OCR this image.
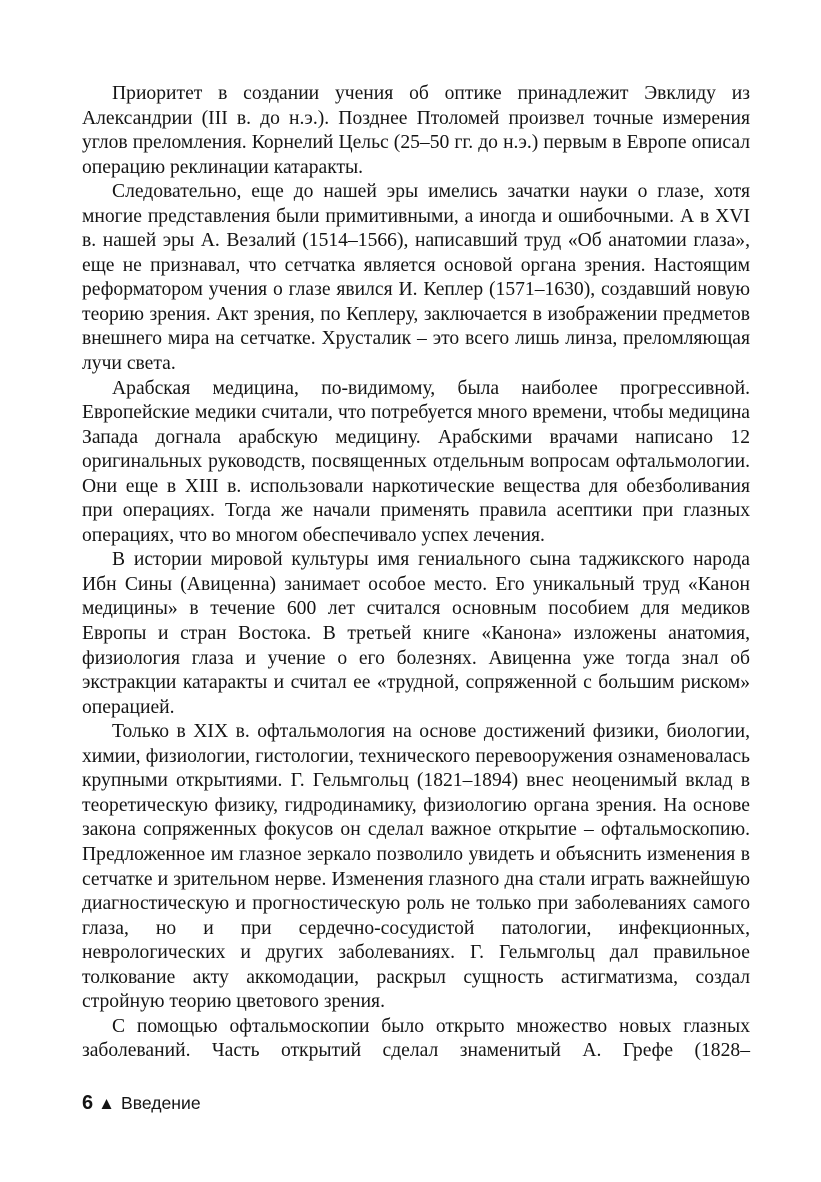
Приоритет в создании учения об оптике принадлежит Эвклиду из Александрии (III в. до н.э.). Позднее Птоломей произвел точные измерения углов преломления. Корнелий Цельс (25–50 гг. до н.э.) первым в Европе описал операцию реклинации катаракты.

Следовательно, еще до нашей эры имелись зачатки науки о глазе, хотя многие представления были примитивными, а иногда и ошибочными. А в XVI в. нашей эры А. Везалий (1514–1566), написавший труд «Об анатомии глаза», еще не признавал, что сетчатка является основой органа зрения. Настоящим реформатором учения о глазе явился И. Кеплер (1571–1630), создавший новую теорию зрения. Акт зрения, по Кеплеру, заключается в изображении предметов внешнего мира на сетчатке. Хрусталик – это всего лишь линза, преломляющая лучи света.

Арабская медицина, по-видимому, была наиболее прогрессивной. Европейские медики считали, что потребуется много времени, чтобы медицина Запада догнала арабскую медицину. Арабскими врачами написано 12 оригинальных руководств, посвященных отдельным вопросам офтальмологии. Они еще в XIII в. использовали наркотические вещества для обезболивания при операциях. Тогда же начали применять правила асептики при глазных операциях, что во многом обеспечивало успех лечения.

В истории мировой культуры имя гениального сына таджикского народа Ибн Сины (Авиценна) занимает особое место. Его уникальный труд «Канон медицины» в течение 600 лет считался основным пособием для медиков Европы и стран Востока. В третьей книге «Канона» изложены анатомия, физиология глаза и учение о его болезнях. Авиценна уже тогда знал об экстракции катаракты и считал ее «трудной, сопряженной с большим риском» операцией.

Только в XIX в. офтальмология на основе достижений физики, биологии, химии, физиологии, гистологии, технического перевооружения ознаменовалась крупными открытиями. Г. Гельмгольц (1821–1894) внес неоценимый вклад в теоретическую физику, гидродинамику, физиологию органа зрения. На основе закона сопряженных фокусов он сделал важное открытие – офтальмоскопию. Предложенное им глазное зеркало позволило увидеть и объяснить изменения в сетчатке и зрительном нерве. Изменения глазного дна стали играть важнейшую диагностическую и прогностическую роль не только при заболеваниях самого глаза, но и при сердечно-сосудистой патологии, инфекционных, неврологических и других заболеваниях. Г. Гельмгольц дал правильное толкование акту аккомодации, раскрыл сущность астигматизма, создал стройную теорию цветового зрения.

С помощью офтальмоскопии было открыто множество новых глазных заболеваний. Часть открытий сделал знаменитый А. Грефе (1828–

6 ▲ Введение
